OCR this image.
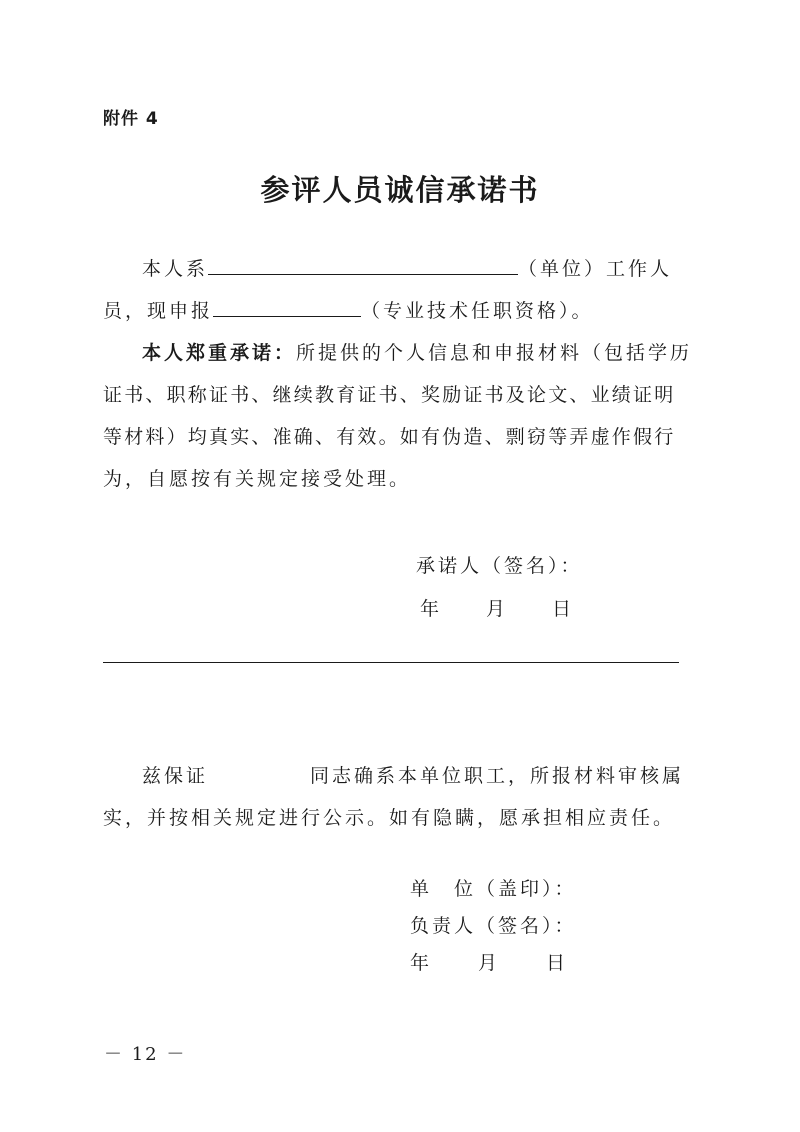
附件 4
参评人员诚信承诺书
本人系	（单位）工作人
员，现申报	（专业技术任职资格）。
本人郑重承诺：所提供的个人信息和申报材料（包括学历
证书、职称证书、继续教育证书、奖励证书及论文、业绩证明
等材料）均真实、准确、有效。如有伪造、剽窃等弄虚作假行
为，自愿按有关规定接受处理。
承诺人（签名）：
年 月 日
兹保证	同志确系本单位职工，所报材料审核属
实，并按相关规定进行公示。如有隐瞒，愿承担相应责任。
单　位（盖印）：
负责人（签名）：
年 月 日
－ 12 －
